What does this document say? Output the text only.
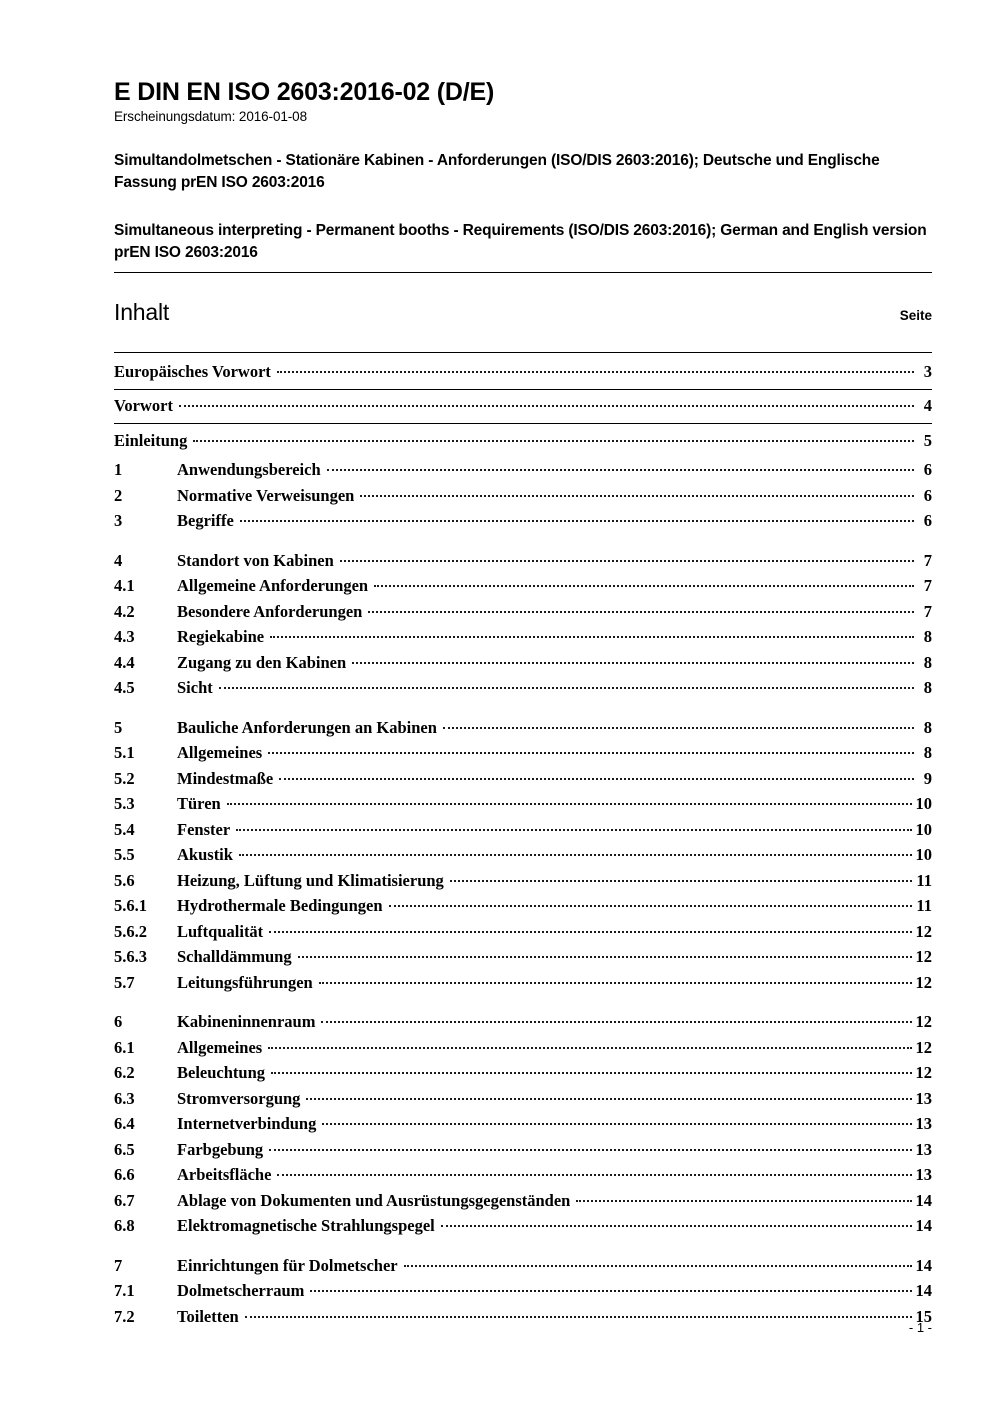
E DIN EN ISO 2603:2016-02 (D/E)
Erscheinungsdatum: 2016-01-08
Simultandolmetschen - Stationäre Kabinen - Anforderungen (ISO/DIS 2603:2016); Deutsche und Englische Fassung prEN ISO 2603:2016
Simultaneous interpreting - Permanent booths - Requirements (ISO/DIS 2603:2016); German and English version prEN ISO 2603:2016
Inhalt	Seite
Europäisches Vorwort	3
Vorwort	4
Einleitung	5
1	Anwendungsbereich	6
2	Normative Verweisungen	6
3	Begriffe	6
4	Standort von Kabinen	7
4.1	Allgemeine Anforderungen	7
4.2	Besondere Anforderungen	7
4.3	Regiekabine	8
4.4	Zugang zu den Kabinen	8
4.5	Sicht	8
5	Bauliche Anforderungen an Kabinen	8
5.1	Allgemeines	8
5.2	Mindestmaße	9
5.3	Türen	10
5.4	Fenster	10
5.5	Akustik	10
5.6	Heizung, Lüftung und Klimatisierung	11
5.6.1	Hydrothermale Bedingungen	11
5.6.2	Luftqualität	12
5.6.3	Schalldämmung	12
5.7	Leitungsführungen	12
6	Kabineninnenraum	12
6.1	Allgemeines	12
6.2	Beleuchtung	12
6.3	Stromversorgung	13
6.4	Internetverbindung	13
6.5	Farbgebung	13
6.6	Arbeitsfläche	13
6.7	Ablage von Dokumenten und Ausrüstungsgegenständen	14
6.8	Elektromagnetische Strahlungspegel	14
7	Einrichtungen für Dolmetscher	14
7.1	Dolmetscherraum	14
7.2	Toiletten	15
- 1 -
